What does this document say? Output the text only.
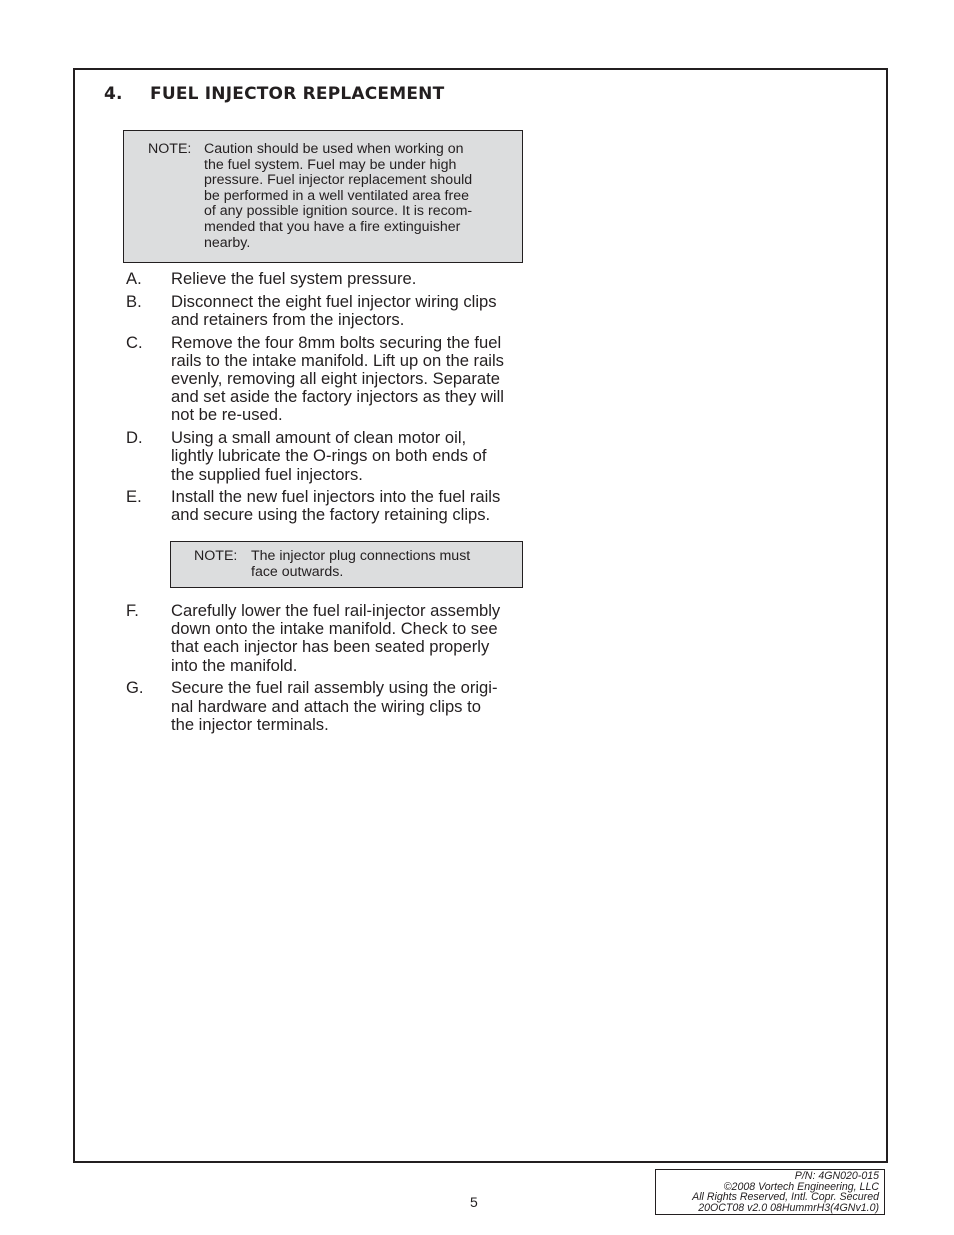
4. FUEL INJECTOR REPLACEMENT
NOTE: Caution should be used when working on
the fuel system. Fuel may be under high
pressure. Fuel injector replacement should
be performed in a well ventilated area free
of any possible ignition source. It is recom-
mended that you have a fire extinguisher
nearby.
A.	Relieve the fuel system pressure.
B.	Disconnect the eight fuel injector wiring clips
and retainers from the injectors.
C.	Remove the four 8mm bolts securing the fuel
rails to the intake manifold. Lift up on the rails
evenly, removing all eight injectors. Separate
and set aside the factory injectors as they will
not be re-used.
D.	Using a small amount of clean motor oil,
lightly lubricate the O-rings on both ends of
the supplied fuel injectors.
E.	Install the new fuel injectors into the fuel rails
and secure using the factory retaining clips.
NOTE: The injector plug connections must
face outwards.
F.	Carefully lower the fuel rail-injector assembly
down onto the intake manifold. Check to see
that each injector has been seated properly
into the manifold.
G.	Secure the fuel rail assembly using the origi-
nal hardware and attach the wiring clips to
the injector terminals.
5
P/N: 4GN020-015
©2008 Vortech Engineering, LLC
All Rights Reserved, Intl. Copr. Secured
20OCT08 v2.0 08HummrH3(4GNv1.0)
